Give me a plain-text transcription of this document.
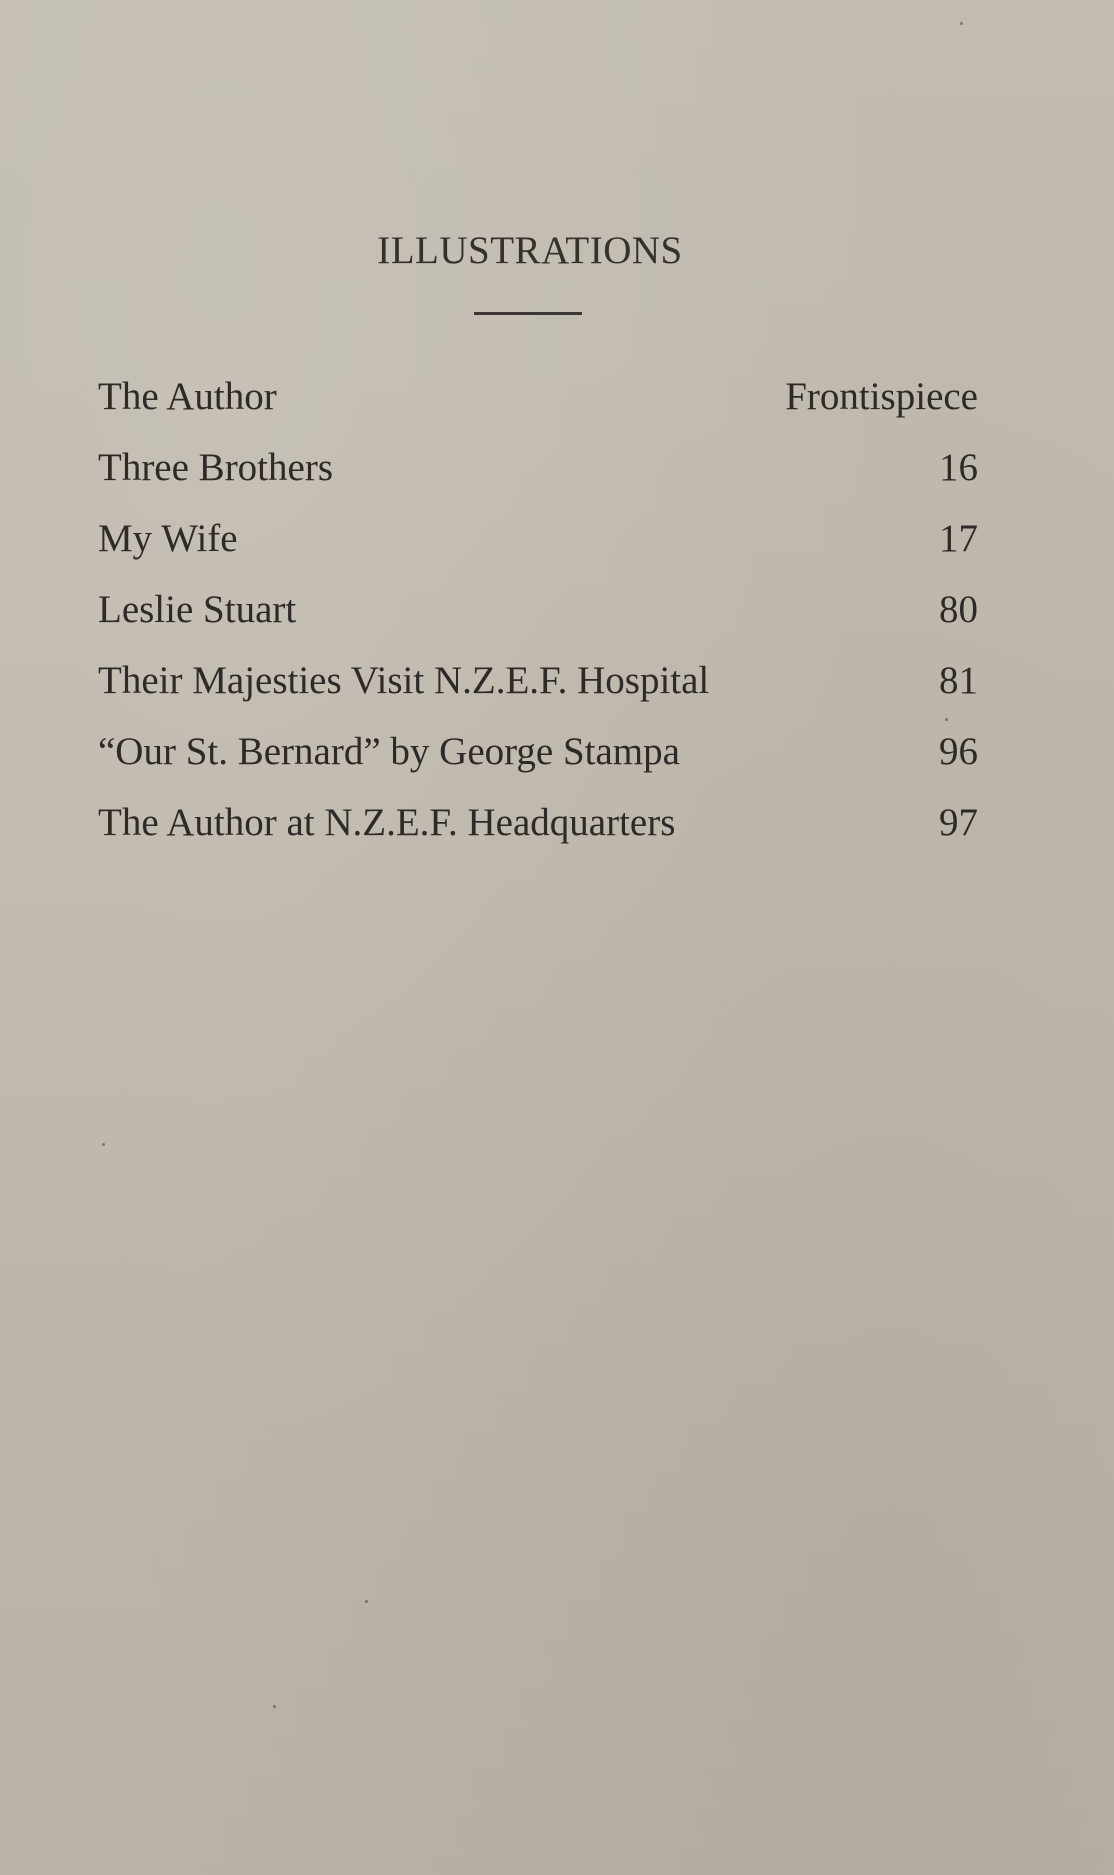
ILLUSTRATIONS
The Author	Frontispiece
Three Brothers	16
My Wife	17
Leslie Stuart	80
Their Majesties Visit N.Z.E.F. Hospital	81
“Our St. Bernard” by George Stampa	96
The Author at N.Z.E.F. Headquarters	97
